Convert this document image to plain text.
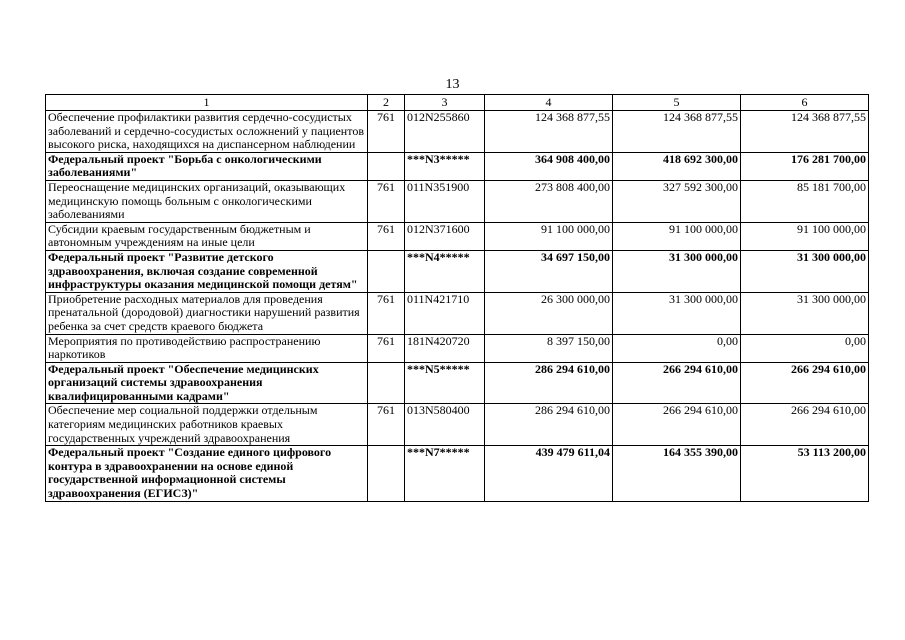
13
1	2	3	4	5	6
Обеспечение профилактики развития сердечно-сосудистых заболеваний и сердечно-сосудистых осложнений у пациентов высокого риска, находящихся на диспансерном наблюдении	761	012N255860	124 368 877,55	124 368 877,55	124 368 877,55
Федеральный проект "Борьба с онкологическими заболеваниями"		***N3*****	364 908 400,00	418 692 300,00	176 281 700,00
Переоснащение медицинских организаций, оказывающих медицинскую помощь больным с онкологическими заболеваниями	761	011N351900	273 808 400,00	327 592 300,00	85 181 700,00
Субсидии краевым государственным бюджетным и автономным учреждениям на иные цели	761	012N371600	91 100 000,00	91 100 000,00	91 100 000,00
Федеральный проект "Развитие детского здравоохранения, включая создание современной инфраструктуры оказания медицинской помощи детям"		***N4*****	34 697 150,00	31 300 000,00	31 300 000,00
Приобретение расходных материалов для проведения пренатальной (дородовой) диагностики нарушений развития ребенка за счет средств краевого бюджета	761	011N421710	26 300 000,00	31 300 000,00	31 300 000,00
Мероприятия по противодействию распространению наркотиков	761	181N420720	8 397 150,00	0,00	0,00
Федеральный проект "Обеспечение медицинских организаций системы здравоохранения квалифицированными кадрами"		***N5*****	286 294 610,00	266 294 610,00	266 294 610,00
Обеспечение мер социальной поддержки отдельным категориям медицинских работников краевых государственных учреждений здравоохранения	761	013N580400	286 294 610,00	266 294 610,00	266 294 610,00
Федеральный проект "Создание единого цифрового контура в здравоохранении на основе единой государственной информационной системы здравоохранения (ЕГИСЗ)"		***N7*****	439 479 611,04	164 355 390,00	53 113 200,00
